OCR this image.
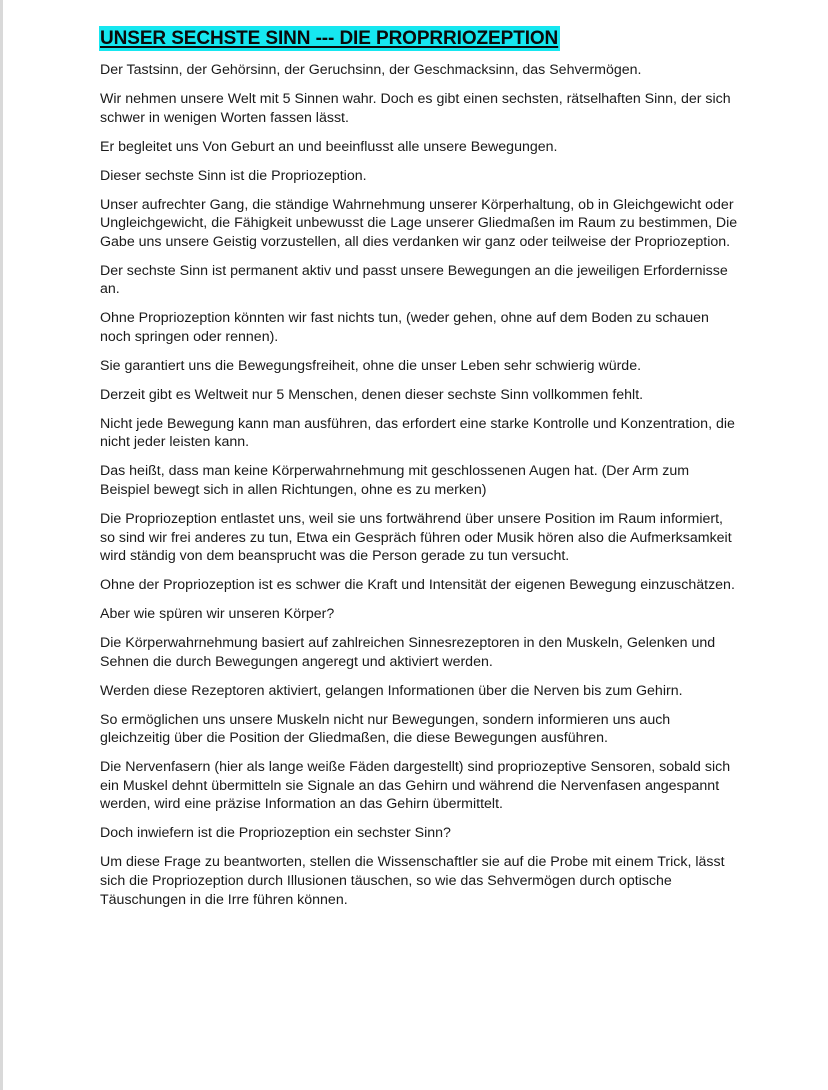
UNSER SECHSTE SINN --- DIE PROPRRIOZEPTION

Der Tastsinn, der Gehörsinn, der Geruchsinn, der Geschmacksinn, das Sehvermögen.

Wir nehmen unsere Welt mit 5 Sinnen wahr. Doch es gibt einen sechsten, rätselhaften Sinn, der sich schwer in wenigen Worten fassen lässt.

Er begleitet uns Von Geburt an und beeinflusst alle unsere Bewegungen.

Dieser sechste Sinn ist die Propriozeption.

Unser aufrechter Gang, die ständige Wahrnehmung unserer Körperhaltung, ob in Gleichgewicht oder Ungleichgewicht, die Fähigkeit unbewusst die Lage unserer Gliedmaßen im Raum zu bestimmen, Die Gabe uns unsere Geistig vorzustellen, all dies verdanken wir ganz oder teilweise der Propriozeption.

Der sechste Sinn ist permanent aktiv und passt unsere Bewegungen an die jeweiligen Erfordernisse an.

Ohne Propriozeption könnten wir fast nichts tun, (weder gehen, ohne auf dem Boden zu schauen noch springen oder rennen).

Sie garantiert uns die Bewegungsfreiheit, ohne die unser Leben sehr schwierig würde.

Derzeit gibt es Weltweit nur 5 Menschen, denen dieser sechste Sinn vollkommen fehlt.

Nicht jede Bewegung kann man ausführen, das erfordert eine starke Kontrolle und Konzentration, die nicht jeder leisten kann.

Das heißt, dass man keine Körperwahrnehmung mit geschlossenen Augen hat. (Der Arm zum Beispiel bewegt sich in allen Richtungen, ohne es zu merken)

Die Propriozeption entlastet uns, weil sie uns fortwährend über unsere Position im Raum informiert, so sind wir frei anderes zu tun, Etwa ein Gespräch führen oder Musik hören also die Aufmerksamkeit wird ständig von dem beansprucht was die Person gerade zu tun versucht.

Ohne der Propriozeption ist es schwer die Kraft und Intensität der eigenen Bewegung einzuschätzen.

Aber wie spüren wir unseren Körper?

Die Körperwahrnehmung basiert auf zahlreichen Sinnesrezeptoren in den Muskeln, Gelenken und Sehnen die durch Bewegungen angeregt und aktiviert werden.

Werden diese Rezeptoren aktiviert, gelangen Informationen über die Nerven bis zum Gehirn.

So ermöglichen uns unsere Muskeln nicht nur Bewegungen, sondern informieren uns auch gleichzeitig über die Position der Gliedmaßen, die diese Bewegungen ausführen.

Die Nervenfasern (hier als lange weiße Fäden dargestellt) sind propriozeptive Sensoren, sobald sich ein Muskel dehnt übermitteln sie Signale an das Gehirn und während die Nervenfasen angespannt werden, wird eine präzise Information an das Gehirn übermittelt.

Doch inwiefern ist die Propriozeption ein sechster Sinn?

Um diese Frage zu beantworten, stellen die Wissenschaftler sie auf die Probe mit einem Trick, lässt sich die Propriozeption durch Illusionen täuschen, so wie das Sehvermögen durch optische Täuschungen in die Irre führen können.
